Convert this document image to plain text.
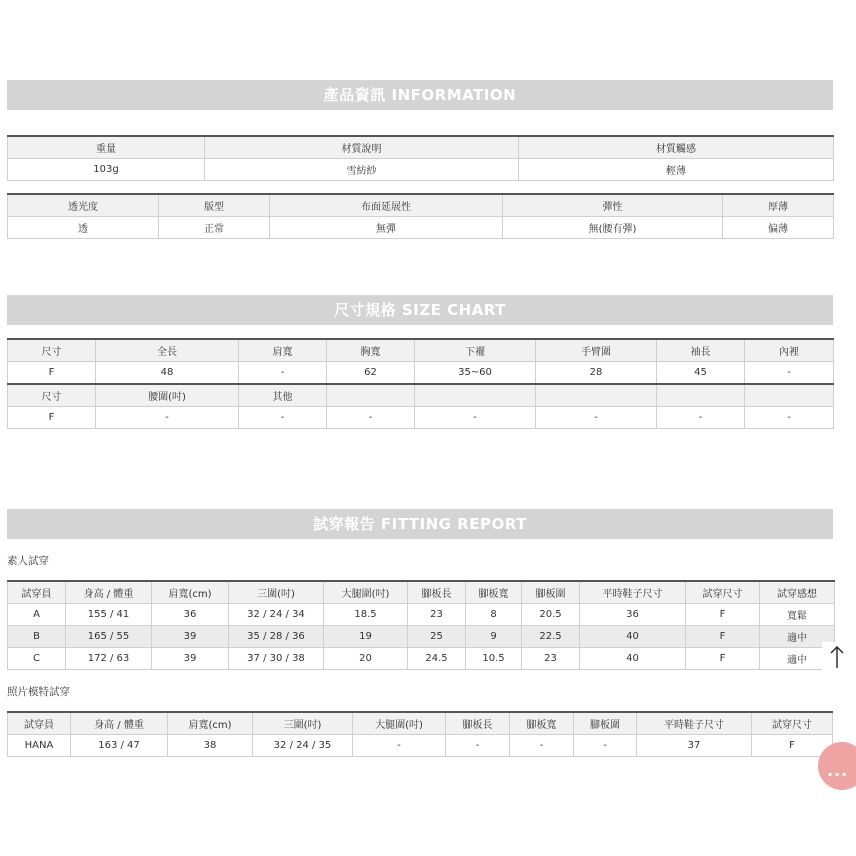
產品資訊 INFORMATION
重量	材質說明	材質觸感
103g	雪紡紗	輕薄
透光度	版型	布面延展性	彈性	厚薄
透	正常	無彈	無(腰有彈)	偏薄
尺寸規格 SIZE CHART
尺寸	全長	肩寬	胸寬	下襬	手臂圍	袖長	內裡
F	48	-	62	35~60	28	45	-
尺寸	腰圍(吋)	其他					
F	-	-	-	-	-	-	-
試穿報告 FITTING REPORT
素人試穿
試穿員	身高 / 體重	肩寬(cm)	三圍(吋)	大腿圍(吋)	腳板長	腳板寬	腳板圍	平時鞋子尺寸	試穿尺寸	試穿感想
A	155 / 41	36	32 / 24 / 34	18.5	23	8	20.5	36	F	寬鬆
B	165 / 55	39	35 / 28 / 36	19	25	9	22.5	40	F	適中
C	172 / 63	39	37 / 30 / 38	20	24.5	10.5	23	40	F	適中
照片模特試穿
試穿員	身高 / 體重	肩寬(cm)	三圍(吋)	大腿圍(吋)	腳板長	腳板寬	腳板圍	平時鞋子尺寸	試穿尺寸
HANA	163 / 47	38	32 / 24 / 35	-	-	-	-	37	F
...
